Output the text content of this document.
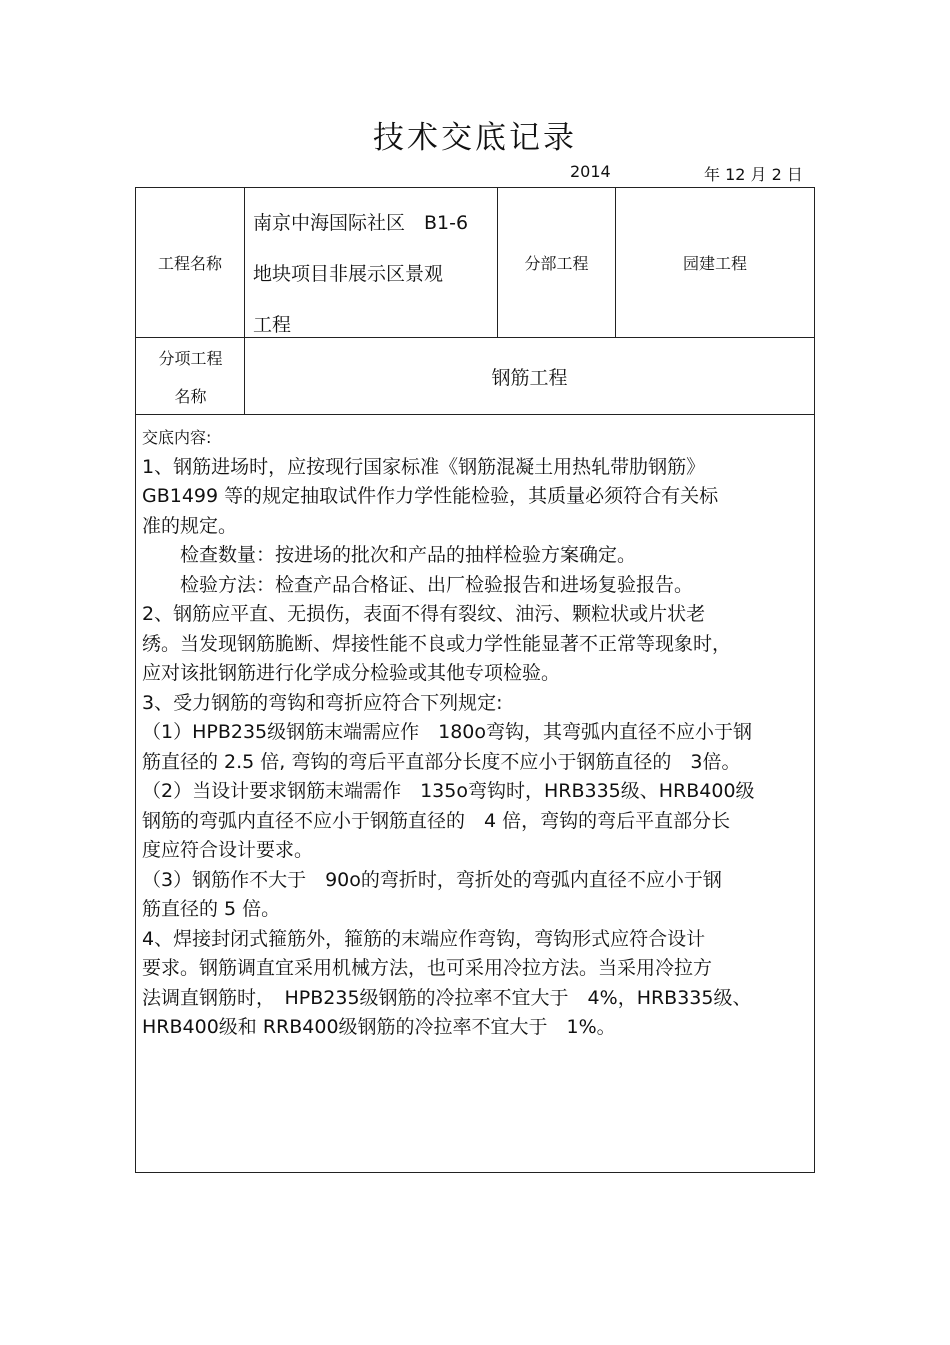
技术交底记录
2014	年 12 月 2 日
工程名称
南京中海国际社区　B1-6
地块项目非展示区景观
工程
分部工程	园建工程
分项工程
名称
钢筋工程
交底内容:
1、钢筋进场时，应按现行国家标准《钢筋混凝土用热轧带肋钢筋》
GB1499 等的规定抽取试件作力学性能检验，其质量必须符合有关标
准的规定。
　　检查数量：按进场的批次和产品的抽样检验方案确定。
　　检验方法：检查产品合格证、出厂检验报告和进场复验报告。
2、钢筋应平直、无损伤，表面不得有裂纹、油污、颗粒状或片状老
绣。当发现钢筋脆断、焊接性能不良或力学性能显著不正常等现象时，
应对该批钢筋进行化学成分检验或其他专项检验。
3、受力钢筋的弯钩和弯折应符合下列规定:
（1）HPB235级钢筋末端需应作　180o弯钩，其弯弧内直径不应小于钢
筋直径的 2.5 倍, 弯钩的弯后平直部分长度不应小于钢筋直径的　3倍。
（2）当设计要求钢筋末端需作　135o弯钩时，HRB335级、HRB400级
钢筋的弯弧内直径不应小于钢筋直径的　4 倍，弯钩的弯后平直部分长
度应符合设计要求。
（3）钢筋作不大于　90o的弯折时，弯折处的弯弧内直径不应小于钢
筋直径的 5 倍。
4、焊接封闭式箍筋外，箍筋的末端应作弯钩，弯钩形式应符合设计
要求。钢筋调直宜采用机械方法，也可采用冷拉方法。当采用冷拉方
法调直钢筋时，　HPB235级钢筋的冷拉率不宜大于　4%，HRB335级、
HRB400级和 RRB400级钢筋的冷拉率不宜大于　1%。
